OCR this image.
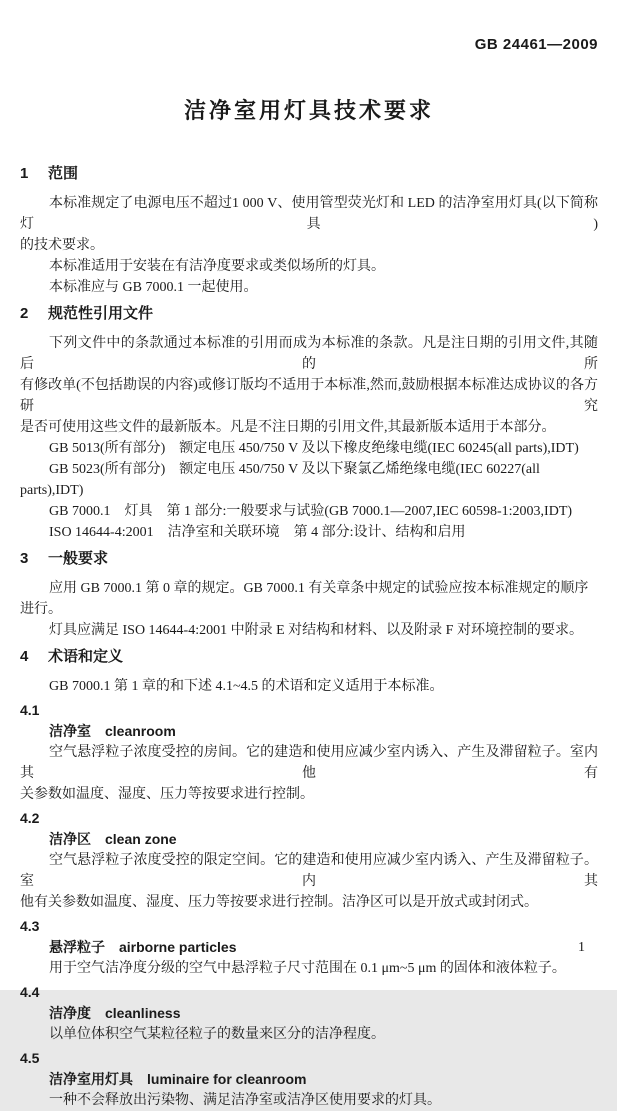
GB 24461—2009
洁净室用灯具技术要求
1	范围
本标准规定了电源电压不超过1 000 V、使用管型荧光灯和 LED 的洁净室用灯具(以下简称灯具)
的技术要求。
本标准适用于安装在有洁净度要求或类似场所的灯具。
本标准应与 GB 7000.1 一起使用。
2	规范性引用文件
下列文件中的条款通过本标准的引用而成为本标准的条款。凡是注日期的引用文件,其随后的所
有修改单(不包括勘误的内容)或修订版均不适用于本标准,然而,鼓励根据本标准达成协议的各方研究
是否可使用这些文件的最新版本。凡是不注日期的引用文件,其最新版本适用于本部分。
GB 5013(所有部分)　额定电压 450/750 V 及以下橡皮绝缘电缆(IEC 60245(all parts),IDT)
GB 5023(所有部分)　额定电压 450/750 V 及以下聚氯乙烯绝缘电缆(IEC 60227(all parts),IDT)
GB 7000.1　灯具　第 1 部分:一般要求与试验(GB 7000.1—2007,IEC 60598-1:2003,IDT)
ISO 14644-4:2001　洁净室和关联环境　第 4 部分:设计、结构和启用
3	一般要求
应用 GB 7000.1 第 0 章的规定。GB 7000.1 有关章条中规定的试验应按本标准规定的顺序进行。
灯具应满足 ISO 14644-4:2001 中附录 E 对结构和材料、以及附录 F 对环境控制的要求。
4	术语和定义
GB 7000.1 第 1 章的和下述 4.1~4.5 的术语和定义适用于本标准。
4.1
洁净室 cleanroom
空气悬浮粒子浓度受控的房间。它的建造和使用应减少室内诱入、产生及滞留粒子。室内其他有
关参数如温度、湿度、压力等按要求进行控制。
4.2
洁净区 clean zone
空气悬浮粒子浓度受控的限定空间。它的建造和使用应减少室内诱入、产生及滞留粒子。室内其
他有关参数如温度、湿度、压力等按要求进行控制。洁净区可以是开放式或封闭式。
4.3
悬浮粒子 airborne particles
用于空气洁净度分级的空气中悬浮粒子尺寸范围在 0.1 μm~5 μm 的固体和液体粒子。
4.4
洁净度 cleanliness
以单位体积空气某粒径粒子的数量来区分的洁净程度。
4.5
洁净室用灯具 luminaire for cleanroom
一种不会释放出污染物、满足洁净室或洁净区使用要求的灯具。
1
